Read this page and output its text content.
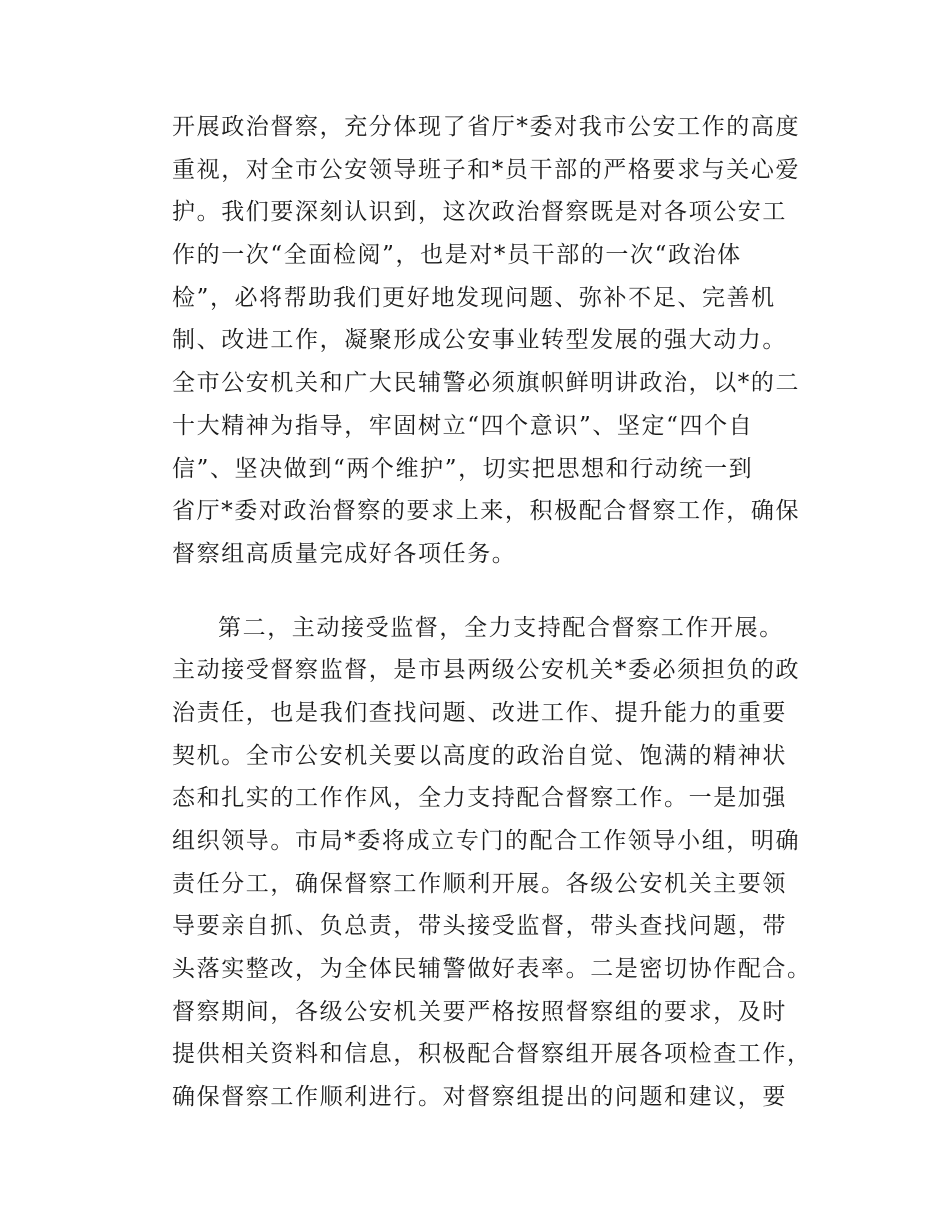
开展政治督察，充分体现了省厅*委对我市公安工作的高度
重视，对全市公安领导班子和*员干部的严格要求与关心爱
护。我们要深刻认识到，这次政治督察既是对各项公安工
作的一次“全面检阅”，也是对*员干部的一次“政治体
检”，必将帮助我们更好地发现问题、弥补不足、完善机
制、改进工作，凝聚形成公安事业转型发展的强大动力。
全市公安机关和广大民辅警必须旗帜鲜明讲政治，以*的二
十大精神为指导，牢固树立“四个意识”、坚定“四个自
信”、坚决做到“两个维护”，切实把思想和行动统一到
省厅*委对政治督察的要求上来，积极配合督察工作，确保
督察组高质量完成好各项任务。
第二，主动接受监督，全力支持配合督察工作开展。
主动接受督察监督，是市县两级公安机关*委必须担负的政
治责任，也是我们查找问题、改进工作、提升能力的重要
契机。全市公安机关要以高度的政治自觉、饱满的精神状
态和扎实的工作作风，全力支持配合督察工作。一是加强
组织领导。市局*委将成立专门的配合工作领导小组，明确
责任分工，确保督察工作顺利开展。各级公安机关主要领
导要亲自抓、负总责，带头接受监督，带头查找问题，带
头落实整改，为全体民辅警做好表率。二是密切协作配合。
督察期间，各级公安机关要严格按照督察组的要求，及时
提供相关资料和信息，积极配合督察组开展各项检查工作，
确保督察工作顺利进行。对督察组提出的问题和建议，要
